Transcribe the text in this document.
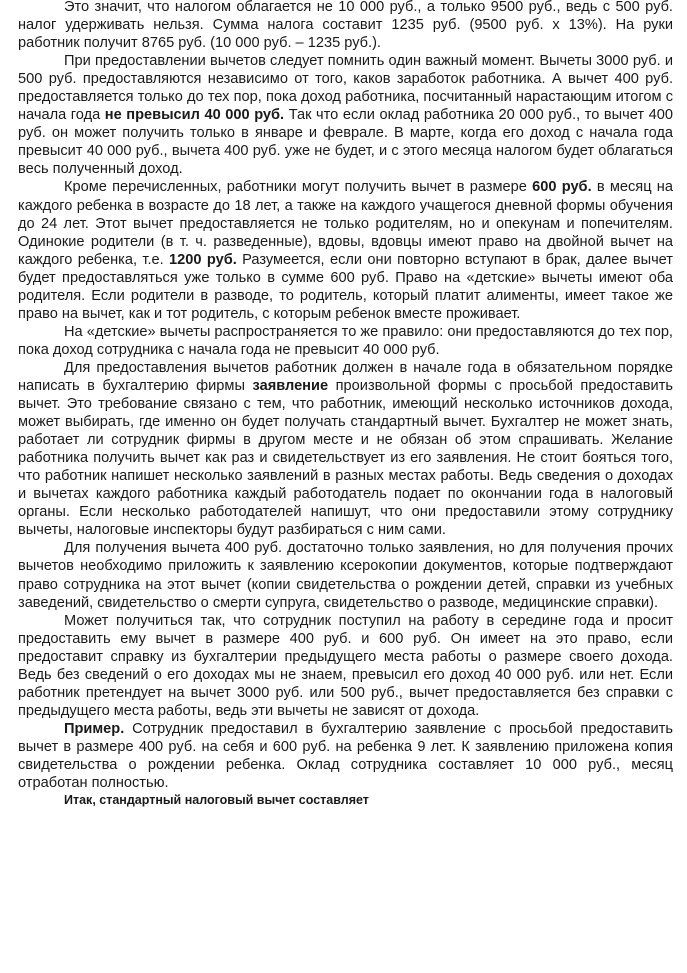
Это значит, что налогом облагается не 10 000 руб., а только 9500 руб., ведь с 500 руб. налог удерживать нельзя. Сумма налога составит 1235 руб. (9500 руб. х 13%). На руки работник получит 8765 руб. (10 000 руб. – 1235 руб.).

При предоставлении вычетов следует помнить один важный момент. Вычеты 3000 руб. и 500 руб. предоставляются независимо от того, каков заработок работника. А вычет 400 руб. предоставляется только до тех пор, пока доход работника, посчитанный нарастающим итогом с начала года не превысил 40 000 руб. Так что если оклад работника 20 000 руб., то вычет 400 руб. он может получить только в январе и феврале. В марте, когда его доход с начала года превысит 40 000 руб., вычета 400 руб. уже не будет, и с этого месяца налогом будет облагаться весь полученный доход.

Кроме перечисленных, работники могут получить вычет в размере 600 руб. в месяц на каждого ребенка в возрасте до 18 лет, а также на каждого учащегося дневной формы обучения до 24 лет. Этот вычет предоставляется не только родителям, но и опекунам и попечителям. Одинокие родители (в т. ч. разведенные), вдовы, вдовцы имеют право на двойной вычет на каждого ребенка, т.е. 1200 руб. Разумеется, если они повторно вступают в брак, далее вычет будет предоставляться уже только в сумме 600 руб. Право на «детские» вычеты имеют оба родителя. Если родители в разводе, то родитель, который платит алименты, имеет такое же право на вычет, как и тот родитель, с которым ребенок вместе проживает.

На «детские» вычеты распространяется то же правило: они предоставляются до тех пор, пока доход сотрудника с начала года не превысит 40 000 руб.

Для предоставления вычетов работник должен в начале года в обязательном порядке написать в бухгалтерию фирмы заявление произвольной формы с просьбой предоставить вычет. Это требование связано с тем, что работник, имеющий несколько источников дохода, может выбирать, где именно он будет получать стандартный вычет. Бухгалтер не может знать, работает ли сотрудник фирмы в другом месте и не обязан об этом спрашивать. Желание работника получить вычет как раз и свидетельствует из его заявления. Не стоит бояться того, что работник напишет несколько заявлений в разных местах работы. Ведь сведения о доходах и вычетах каждого работника каждый работодатель подает по окончании года в налоговый органы. Если несколько работодателей напишут, что они предоставили этому сотруднику вычеты, налоговые инспекторы будут разбираться с ним сами.

Для получения вычета 400 руб. достаточно только заявления, но для получения прочих вычетов необходимо приложить к заявлению ксерокопии документов, которые подтверждают право сотрудника на этот вычет (копии свидетельства о рождении детей, справки из учебных заведений, свидетельство о смерти супруга, свидетельство о разводе, медицинские справки).

Может получиться так, что сотрудник поступил на работу в середине года и просит предоставить ему вычет в размере 400 руб. и 600 руб. Он имеет на это право, если предоставит справку из бухгалтерии предыдущего места работы о размере своего дохода. Ведь без сведений о его доходах мы не знаем, превысил его доход 40 000 руб. или нет. Если работник претендует на вычет 3000 руб. или 500 руб., вычет предоставляется без справки с предыдущего места работы, ведь эти вычеты не зависят от дохода.

Пример. Сотрудник предоставил в бухгалтерию заявление с просьбой предоставить вычет в размере 400 руб. на себя и 600 руб. на ребенка 9 лет. К заявлению приложена копия свидетельства о рождении ребенка. Оклад сотрудника составляет 10 000 руб., месяц отработан полностью.

Итак, стандартный налоговый вычет составляет
